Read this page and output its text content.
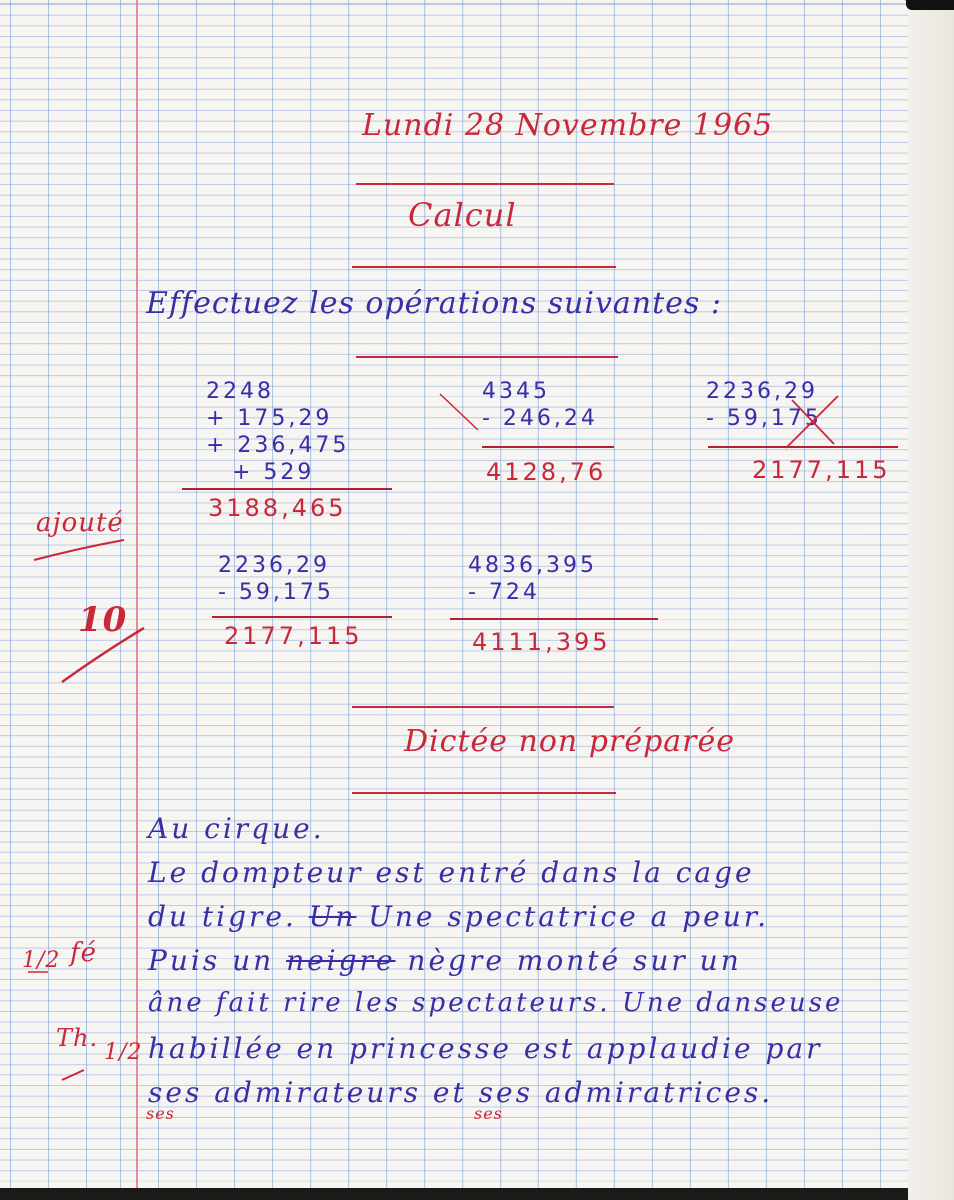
Lundi 28 Novembre 1965
Calcul
Effectuez les opérations suivantes :
2248
+ 175,29
+ 236,475
+ 529
3188,465
4345
- 246,24
4128,76
2236,29
- 59,175
2177,115
2236,29
- 59,175
2177,115
4836,395
- 724
4111,395
ajouté
10
Dictée non préparée
Au cirque.
Le dompteur est entré dans la cage
du tigre. Un Une spectatrice a peur.
Puis un neigre nègre monté sur un
âne fait rire les spectateurs. Une danseuse
habillée en princesse est applaudie par
ses admirateurs et ses admiratrices.
ses	ses
1/2 fé
Th.
1/2
